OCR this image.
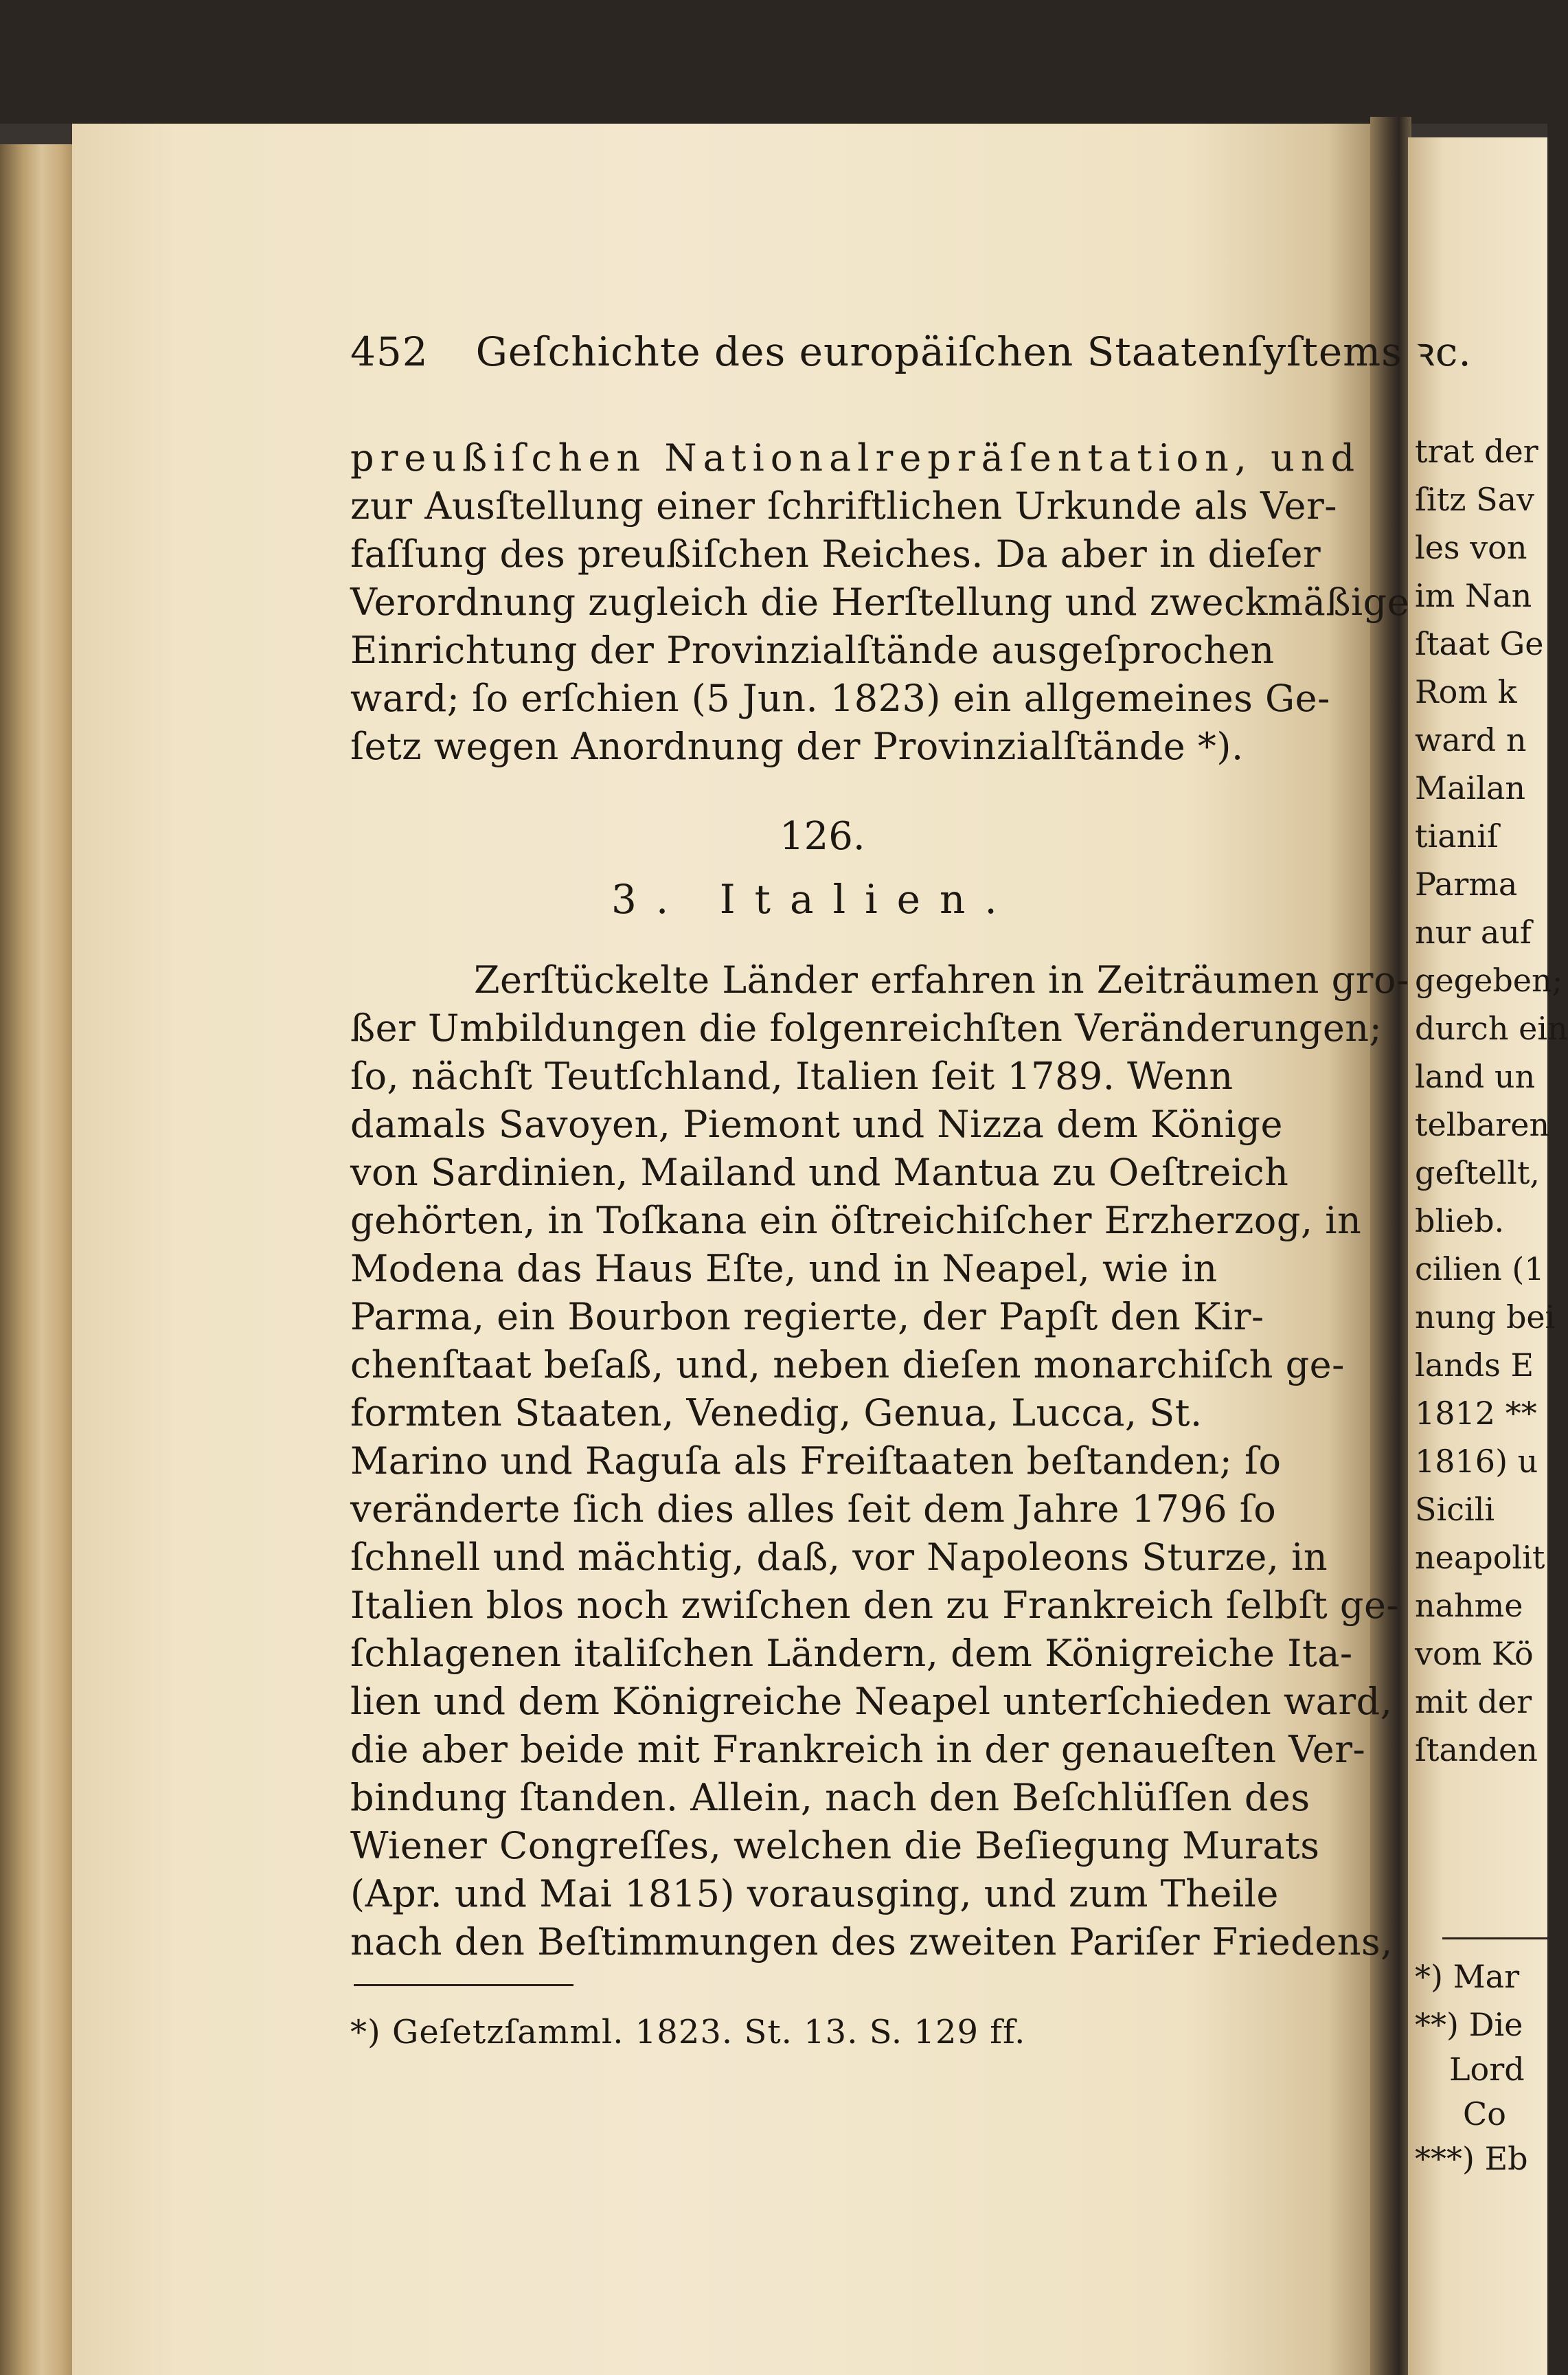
452 Geſchichte des europäiſchen Staatenſyſtems ꝛc.
preußiſchen Nationalrepräſentation, und
zur Ausſtellung einer ſchriftlichen Urkunde als Ver-
faſſung des preußiſchen Reiches. Da aber in dieſer
Verordnung zugleich die Herſtellung und zweckmäßige
Einrichtung der Provinzialſtände ausgeſprochen
ward; ſo erſchien (5 Jun. 1823) ein allgemeines Ge-
ſetz wegen Anordnung der Provinzialſtände *).
126.
3. Italien.
Zerſtückelte Länder erfahren in Zeiträumen gro-
ßer Umbildungen die folgenreichſten Veränderungen;
ſo, nächſt Teutſchland, Italien ſeit 1789. Wenn
damals Savoyen, Piemont und Nizza dem Könige
von Sardinien, Mailand und Mantua zu Oeſtreich
gehörten, in Toſkana ein öſtreichiſcher Erzherzog, in
Modena das Haus Eſte, und in Neapel, wie in
Parma, ein Bourbon regierte, der Papſt den Kir-
chenſtaat beſaß, und, neben dieſen monarchiſch ge-
formten Staaten, Venedig, Genua, Lucca, St.
Marino und Raguſa als Freiſtaaten beſtanden; ſo
veränderte ſich dies alles ſeit dem Jahre 1796 ſo
ſchnell und mächtig, daß, vor Napoleons Sturze, in
Italien blos noch zwiſchen den zu Frankreich ſelbſt ge-
ſchlagenen italiſchen Ländern, dem Königreiche Ita-
lien und dem Königreiche Neapel unterſchieden ward,
die aber beide mit Frankreich in der genaueſten Ver-
bindung ſtanden. Allein, nach den Beſchlüſſen des
Wiener Congreſſes, welchen die Beſiegung Murats
(Apr. und Mai 1815) vorausging, und zum Theile
nach den Beſtimmungen des zweiten Pariſer Friedens,
*) Geſetzſamml. 1823. St. 13. S. 129 ff.
trat der
ſitz Sav
les von
im Nan
ſtaat Ge
Rom k
ward n
Mailan
tianiſ
Parma
nur auf
gegeben;
durch ein
land un
telbaren
geſtellt,
blieb.
cilien (1
nung bei
lands E
1812 **
1816) u
Sicili
neapolit
nahme
vom Kö
mit der
ſtanden
*) Mar
**) Die
Lord
Co
***) Eb
